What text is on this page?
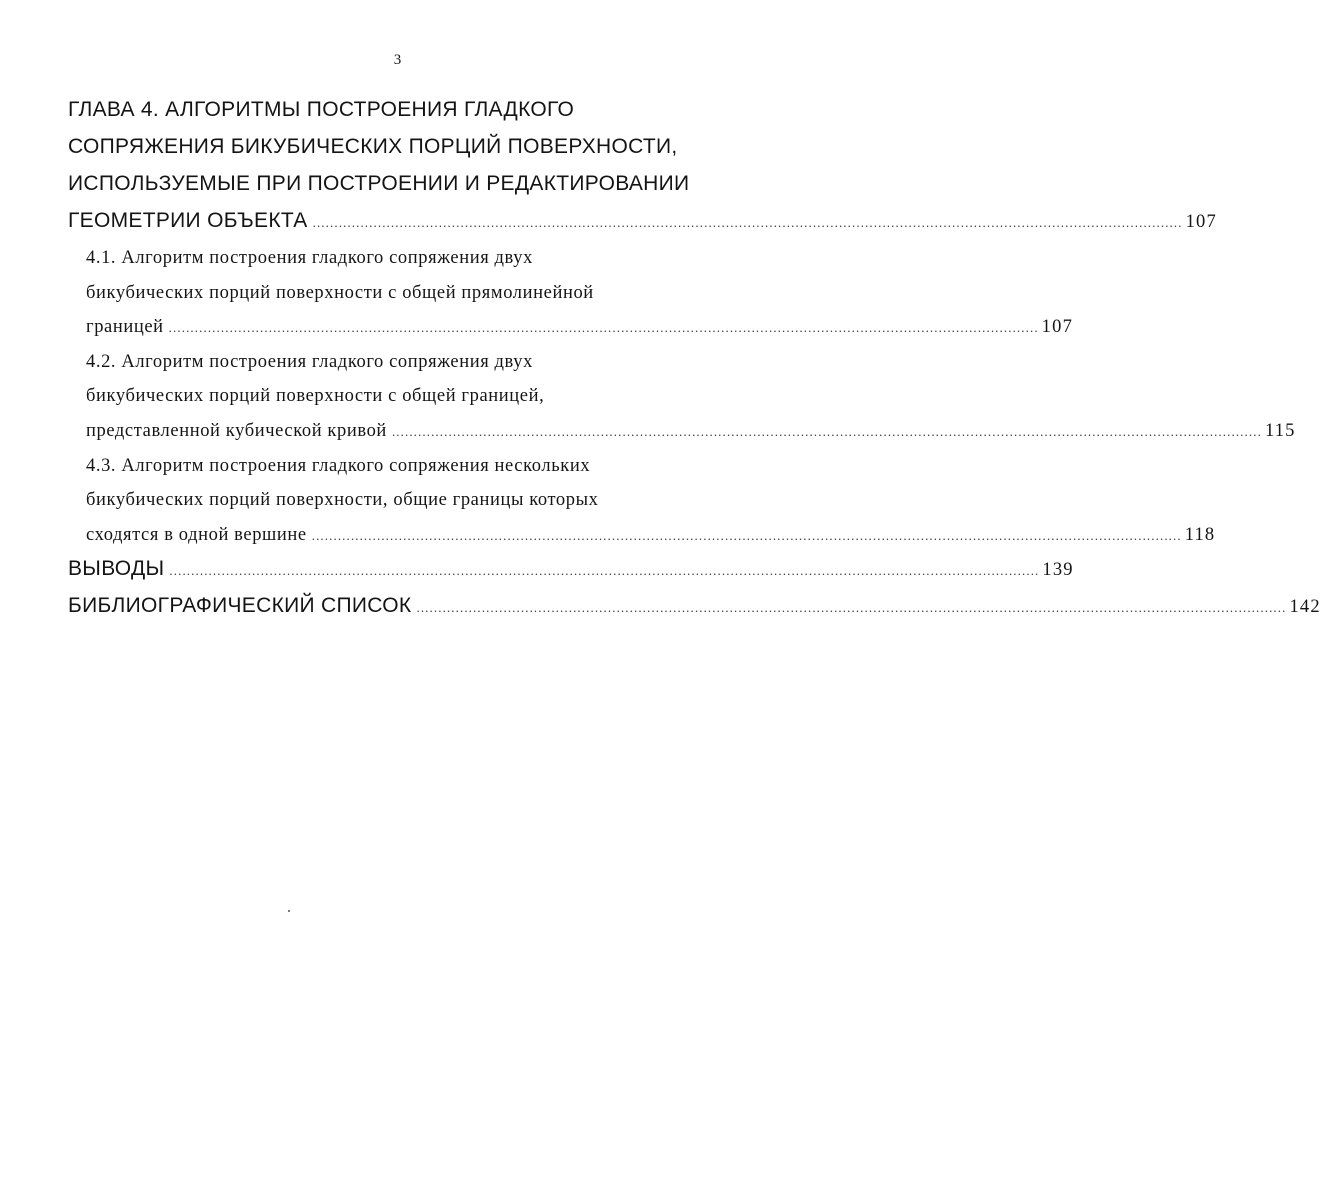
3
ГЛАВА 4. АЛГОРИТМЫ ПОСТРОЕНИЯ ГЛАДКОГО
СОПРЯЖЕНИЯ БИКУБИЧЕСКИХ ПОРЦИЙ ПОВЕРХНОСТИ,
ИСПОЛЬЗУЕМЫЕ ПРИ ПОСТРОЕНИИ И РЕДАКТИРОВАНИИ
ГЕОМЕТРИИ ОБЪЕКТА ........................................................................................................................................................................................................ 107
4.1. Алгоритм построения гладкого сопряжения двух
бикубических порций поверхности с общей прямолинейной
границей ........................................................................................................................................................................................................ 107
4.2. Алгоритм построения гладкого сопряжения двух
бикубических порций поверхности с общей границей,
представленной кубической кривой ........................................................................................................................................................................................................ 115
4.3. Алгоритм построения гладкого сопряжения нескольких
бикубических порций поверхности, общие границы которых
сходятся в одной вершине ........................................................................................................................................................................................................ 118
ВЫВОДЫ ........................................................................................................................................................................................................ 139
БИБЛИОГРАФИЧЕСКИЙ СПИСОК ........................................................................................................................................................................................................ 142
